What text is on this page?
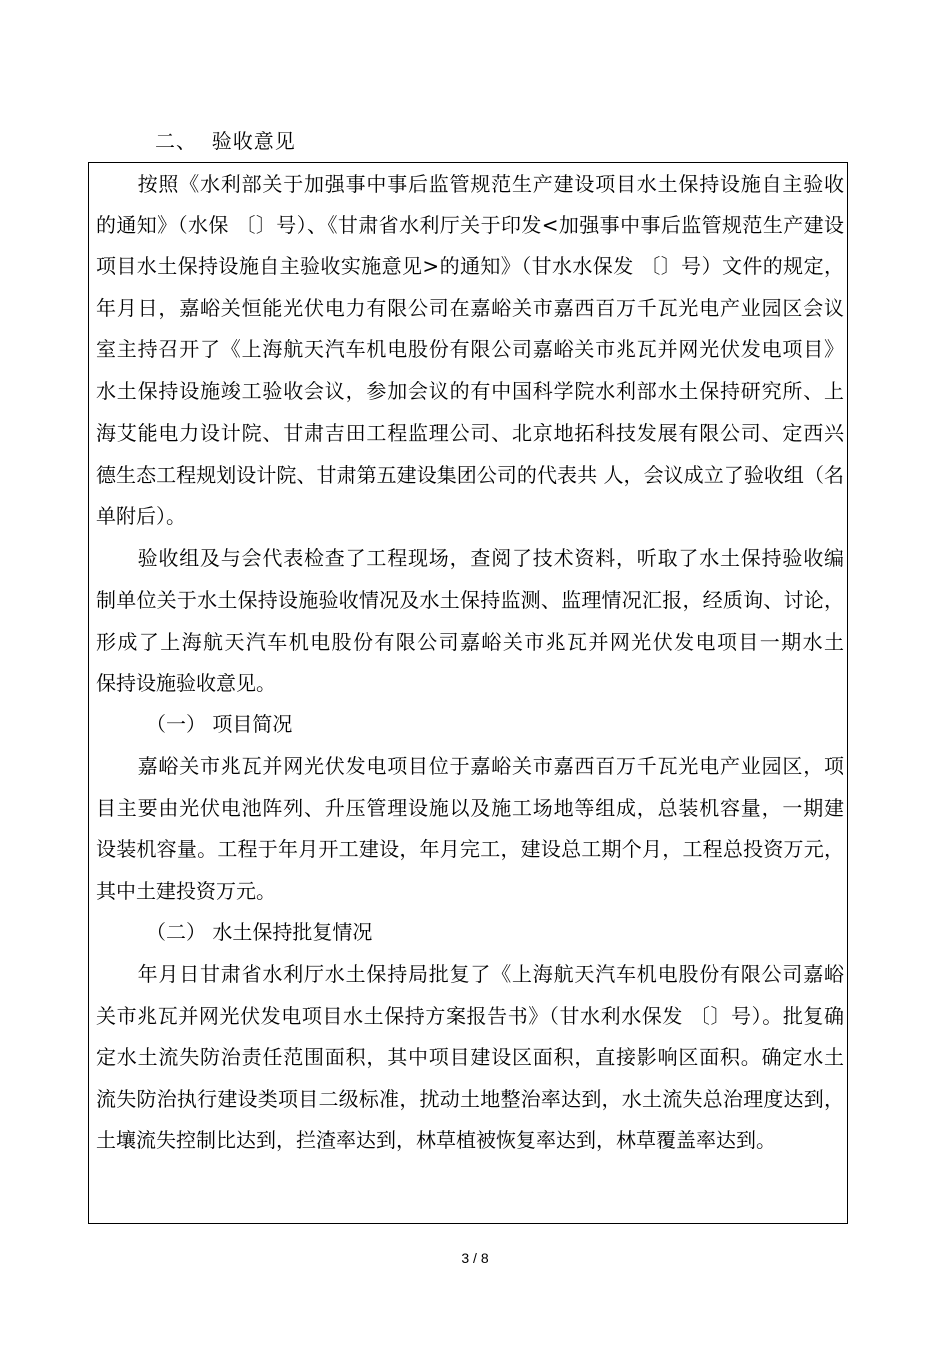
二、  验收意见
　　按照《水利部关于加强事中事后监管规范生产建设项目水土保持设施自主验收
的通知》（水保 〔〕号）、《甘肃省水利厅关于印发<加强事中事后监管规范生产建设
项目水土保持设施自主验收实施意见>的通知》（甘水水保发 〔〕号）文件的规定，
年月日，嘉峪关恒能光伏电力有限公司在嘉峪关市嘉西百万千瓦光电产业园区会议
室主持召开了《上海航天汽车机电股份有限公司嘉峪关市兆瓦并网光伏发电项目》
水土保持设施竣工验收会议，参加会议的有中国科学院水利部水土保持研究所、上
海艾能电力设计院、甘肃吉田工程监理公司、北京地拓科技发展有限公司、定西兴
德生态工程规划设计院、甘肃第五建设集团公司的代表共 人，会议成立了验收组（名
单附后）。
　　验收组及与会代表检查了工程现场，查阅了技术资料，听取了水土保持验收编
制单位关于水土保持设施验收情况及水土保持监测、监理情况汇报，经质询、讨论，
形成了上海航天汽车机电股份有限公司嘉峪关市兆瓦并网光伏发电项目一期水土
保持设施验收意见。
　　　（一） 项目简况
　　嘉峪关市兆瓦并网光伏发电项目位于嘉峪关市嘉西百万千瓦光电产业园区，项
目主要由光伏电池阵列、升压管理设施以及施工场地等组成，总装机容量，一期建
设装机容量。工程于年月开工建设，年月完工，建设总工期个月，工程总投资万元，
其中土建投资万元。
　　　（二） 水土保持批复情况
　　年月日甘肃省水利厅水土保持局批复了《上海航天汽车机电股份有限公司嘉峪
关市兆瓦并网光伏发电项目水土保持方案报告书》（甘水利水保发 〔〕号）。批复确
定水土流失防治责任范围面积，其中项目建设区面积，直接影响区面积。确定水土
流失防治执行建设类项目二级标准，扰动土地整治率达到，水土流失总治理度达到，
土壤流失控制比达到，拦渣率达到，林草植被恢复率达到，林草覆盖率达到。
3 / 8
